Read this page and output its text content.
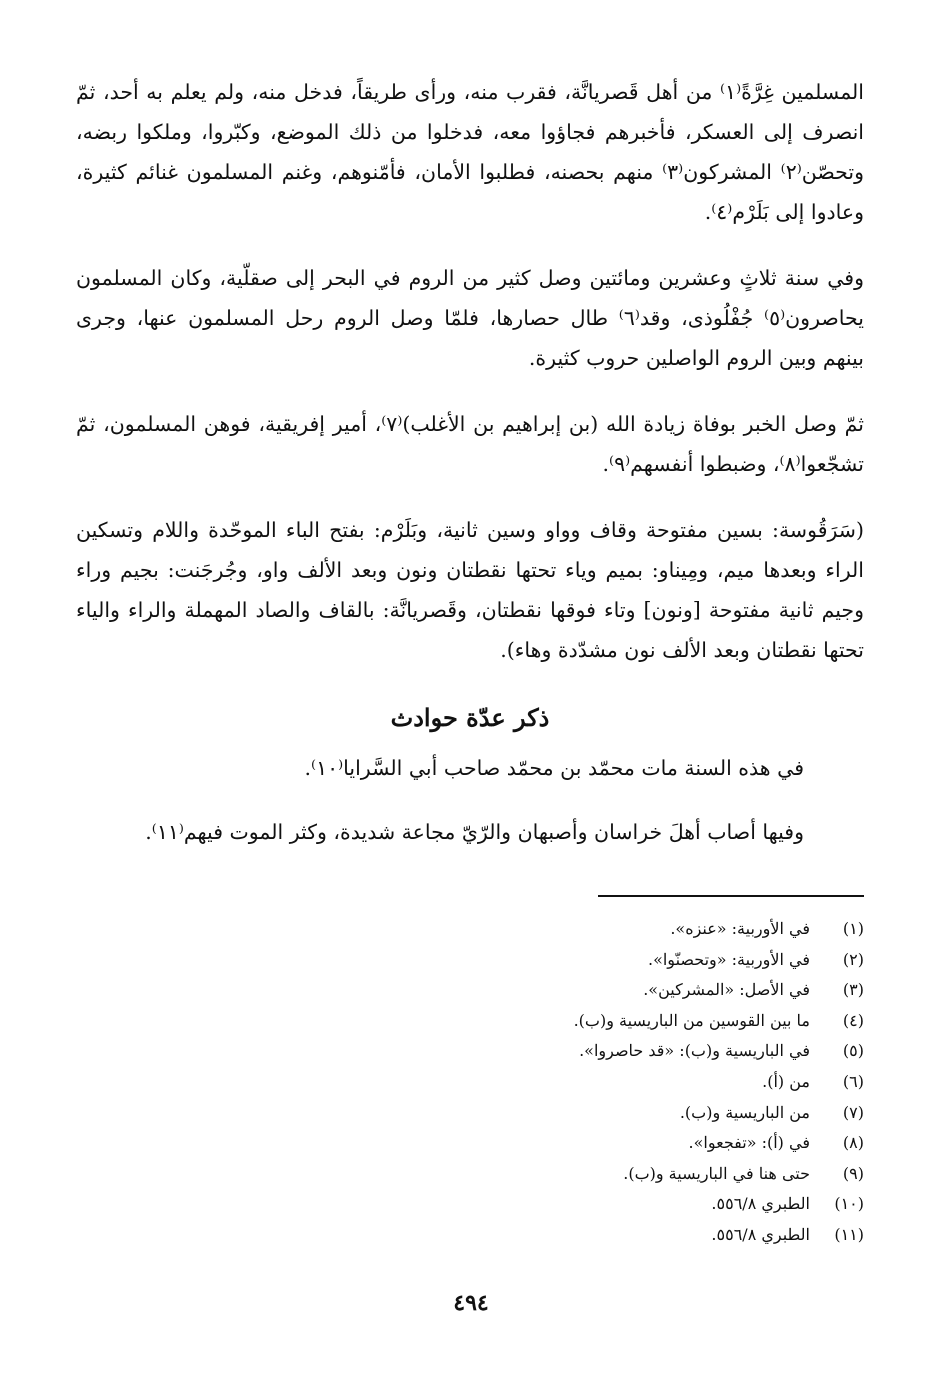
المسلمين غِرَّةً⁽١⁾ من أهل قَصريانَّة، فقرب منه، ورأى طريقاً، فدخل منه، ولم يعلم به أحد، ثمّ انصرف إلى العسكر، فأخبرهم فجاؤوا معه، فدخلوا من ذلك الموضع، وكبّروا، وملكوا ربضه، وتحصّن⁽٢⁾ المشركون⁽٣⁾ منهم بحصنه، فطلبوا الأمان، فأمّنوهم، وغنم المسلمون غنائم كثيرة، وعادوا إلى بَلَرْم⁽٤⁾.

وفي سنة ثلاثٍ وعشرين ومائتين وصل كثير من الروم في البحر إلى صقلّية، وكان المسلمون يحاصرون⁽٥⁾ جُفْلُوذى، وقد⁽٦⁾ طال حصارها، فلمّا وصل الروم رحل المسلمون عنها، وجرى بينهم وبين الروم الواصلين حروب كثيرة.

ثمّ وصل الخبر بوفاة زيادة الله (بن إبراهيم بن الأغلب)⁽٧⁾، أمير إفريقية، فوهن المسلمون، ثمّ تشجّعوا⁽٨⁾، وضبطوا أنفسهم⁽٩⁾.

(سَرَقُوسة: بسين مفتوحة وقاف وواو وسين ثانية، وبَلَرْم: بفتح الباء الموحّدة واللام وتسكين الراء وبعدها ميم، ومِيناو: بميم وياء تحتها نقطتان ونون وبعد الألف واو، وجُرجَنت: بجيم وراء وجيم ثانية مفتوحة [ونون] وتاء فوقها نقطتان، وقَصريانَّة: بالقاف والصاد المهملة والراء والياء تحتها نقطتان وبعد الألف نون مشدّدة وهاء).

ذكر عدّة حوادث

في هذه السنة مات محمّد بن محمّد صاحب أبي السَّرايا⁽١٠⁾.

وفيها أصاب أهلَ خراسان وأصبهان والرّيّ مجاعة شديدة، وكثر الموت فيهم⁽١١⁾.

(١)
في الأوربية: «عنزه».
(٢)
في الأوربية: «وتحصنّوا».
(٣)
في الأصل: «المشركين».
(٤)
ما بين القوسين من الباريسية و(ب).
(٥)
في الباريسية و(ب): «قد حاصروا».
(٦)
من (أ).
(٧)
من الباريسية و(ب).
(٨)
في (أ): «تفجعوا».
(٩)
حتى هنا في الباريسية و(ب).
(١٠)
الطبري ٥٥٦/٨.
(١١)
الطبري ٥٥٦/٨.
٤٩٤
